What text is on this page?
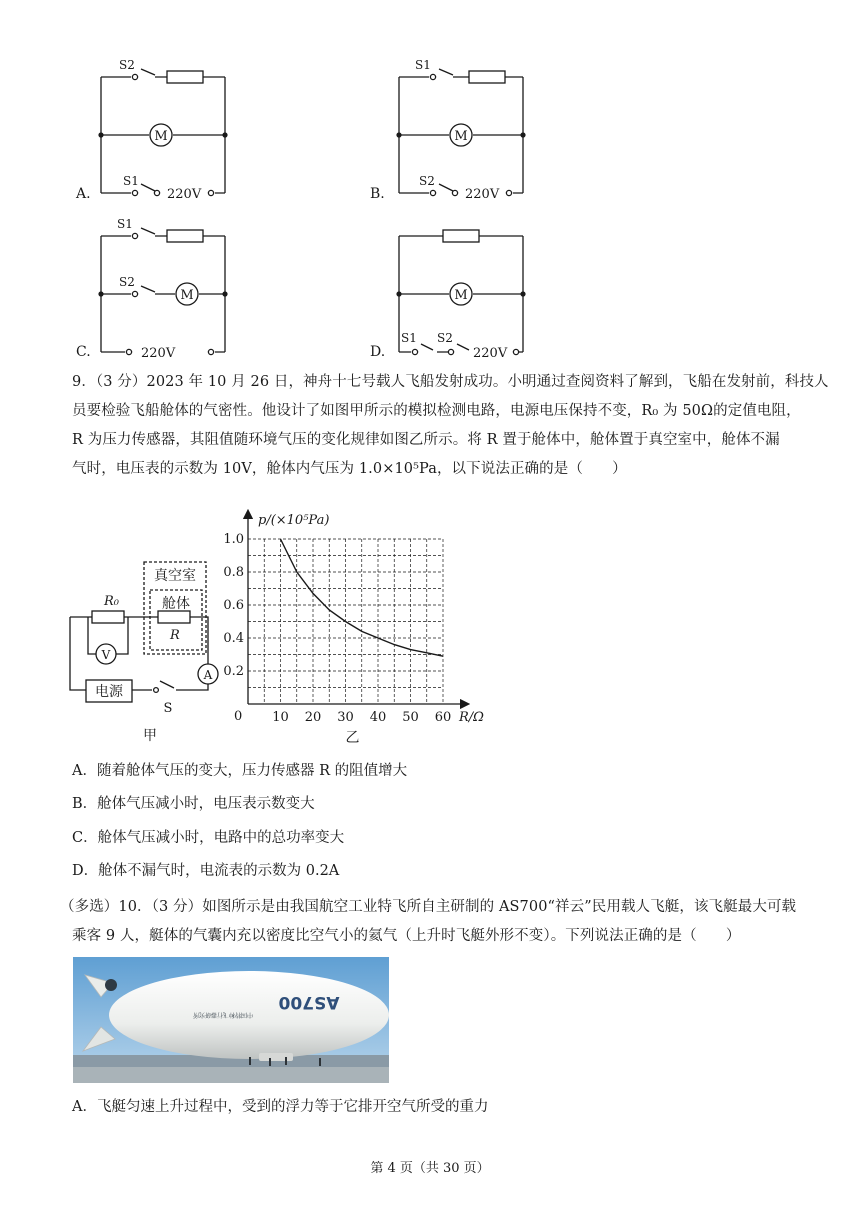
A.
M
S2
S1
220V	B.
M
S1
S2
220V
C.
M
S1
S2
220V	D.
M
S1 S2
220V
9．（3 分）2023 年 10 月 26 日，神舟十七号载人飞船发射成功。小明通过查阅资料了解到，飞船在发射前，科技人
员要检验飞船舱体的气密性。他设计了如图甲所示的模拟检测电路，电源电压保持不变，R₀ 为 50Ω的定值电阻，
R 为压力传感器，其阻值随环境气压的变化规律如图乙所示。将 R 置于舱体中，舱体置于真空室中，舱体不漏
气时，电压表的示数为 10V，舱体内气压为 1.0×10⁵Pa，以下说法正确的是（　　）
真空室
舱体
R₀
R
V
A
电源
S
甲
10 20 30 40 50 60
0.2
0.4
0.6
0.8
1.0
p/(×10⁵Pa)
R/Ω
0
乙
A．随着舱体气压的变大，压力传感器 R 的阻值增大
B．舱体气压减小时，电压表示数变大
C．舱体气压减小时，电路中的总功率变大
D．舱体不漏气时，电流表的示数为 0.2A
（多选）10．（3 分）如图所示是由我国航空工业特飞所自主研制的 AS700“祥云”民用载人飞艇，该飞艇最大可载
乘客 9 人，艇体的气囊内充以密度比空气小的氦气（上升时飞艇外形不变）。下列说法正确的是（　　）
AS700
中国特种飞行器研究所
A．飞艇匀速上升过程中，受到的浮力等于它排开空气所受的重力
第 4 页（共 30 页）
